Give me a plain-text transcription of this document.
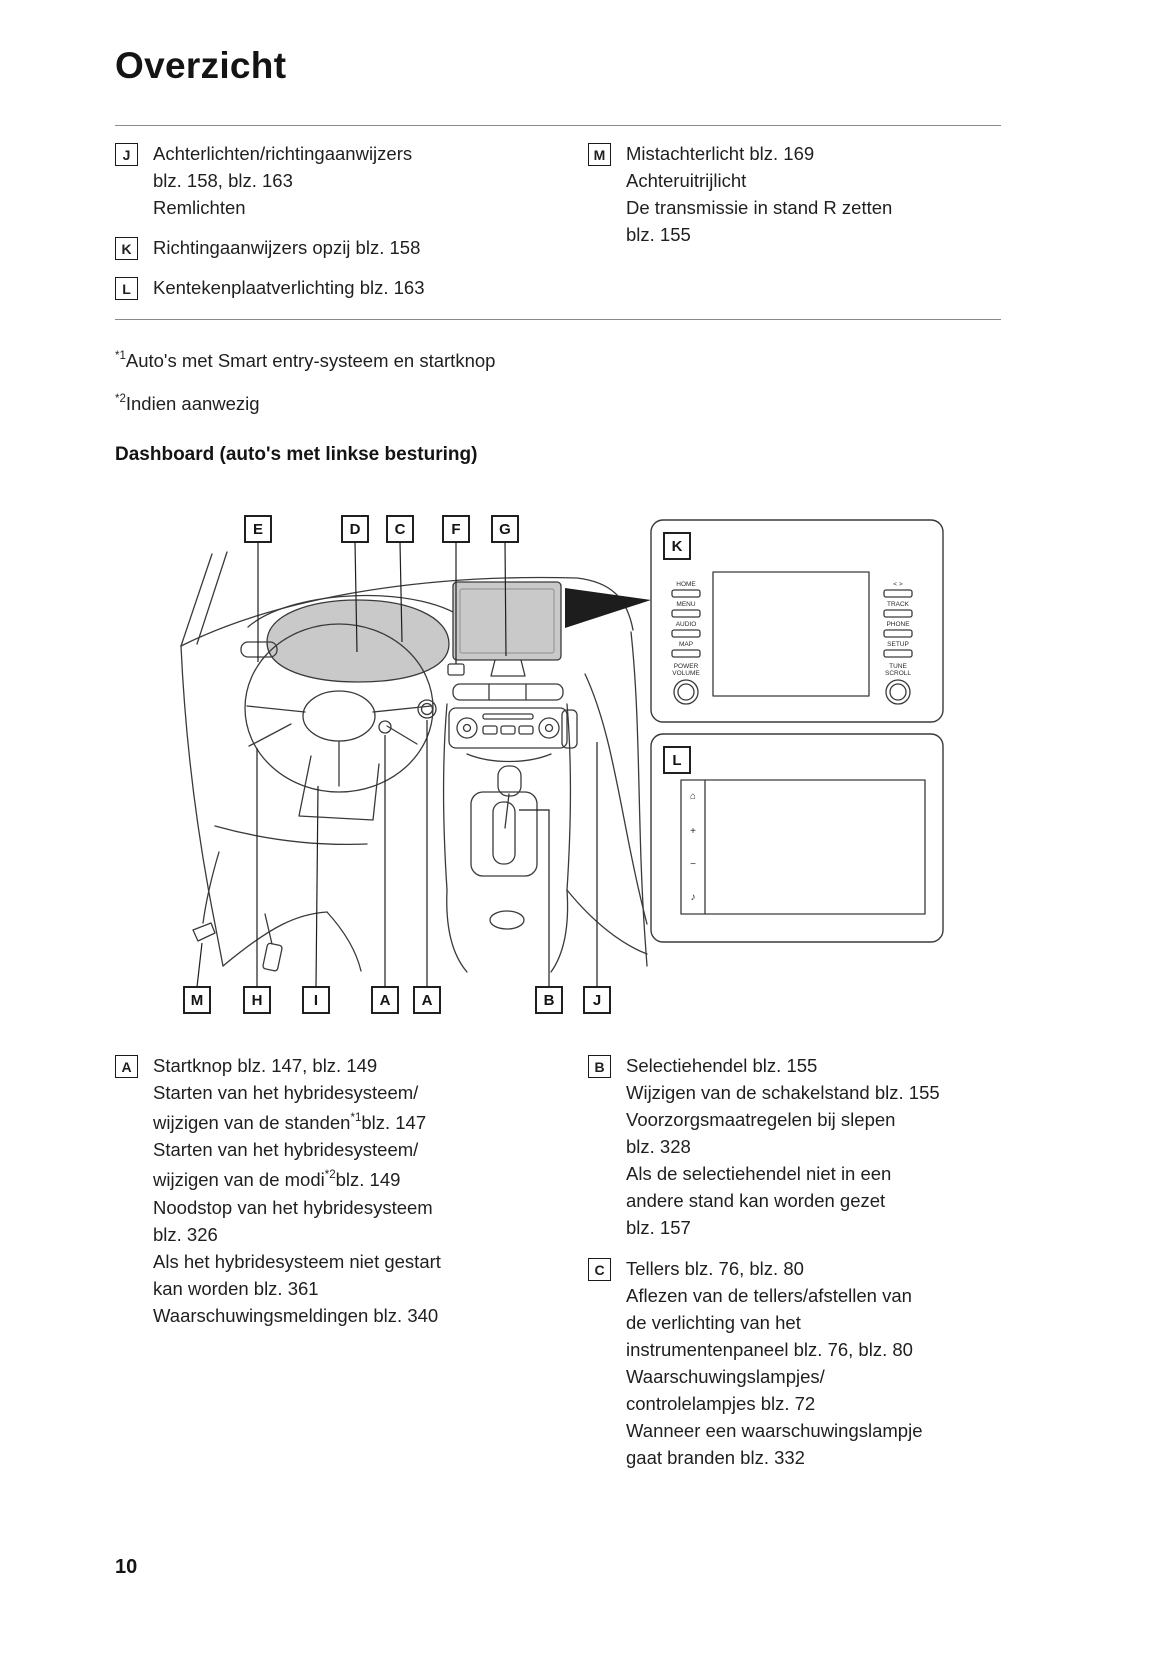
Overzicht
J	Achterlichten/richtingaanwijzers
blz. 158, blz. 163
Remlichten
K	Richtingaanwijzers opzij blz. 158
L	Kentekenplaatverlichting blz. 163
M	Mistachterlicht blz. 169
Achteruitrijlicht
De transmissie in stand R zetten
blz. 155
$^{*1}$Auto's met Smart entry-systeem en startknop
$^{*2}$Indien aanwezig
Dashboard (auto's met linkse besturing)
K
HOME
MENU
AUDIO
MAP
POWER
VOLUME
< >
TRACK
PHONE
SETUP
TUNE
SCROLL
L
⌂
+
−
♪
E	D C	F	G
M	H	I	A A	B	J
A	Startknop blz. 147, blz. 149
Starten van het hybridesysteem/
wijzigen van de standen$^{*1}$blz. 147
Starten van het hybridesysteem/
wijzigen van de modi$^{*2}$blz. 149
Noodstop van het hybridesysteem
blz. 326
Als het hybridesysteem niet gestart
kan worden blz. 361
Waarschuwingsmeldingen blz. 340
B	Selectiehendel blz. 155
Wijzigen van de schakelstand blz. 155
Voorzorgsmaatregelen bij slepen
blz. 328
Als de selectiehendel niet in een
andere stand kan worden gezet
blz. 157
C	Tellers blz. 76, blz. 80
Aflezen van de tellers/afstellen van
de verlichting van het
instrumentenpaneel blz. 76, blz. 80
Waarschuwingslampjes/
controlelampjes blz. 72
Wanneer een waarschuwingslampje
gaat branden blz. 332
10
